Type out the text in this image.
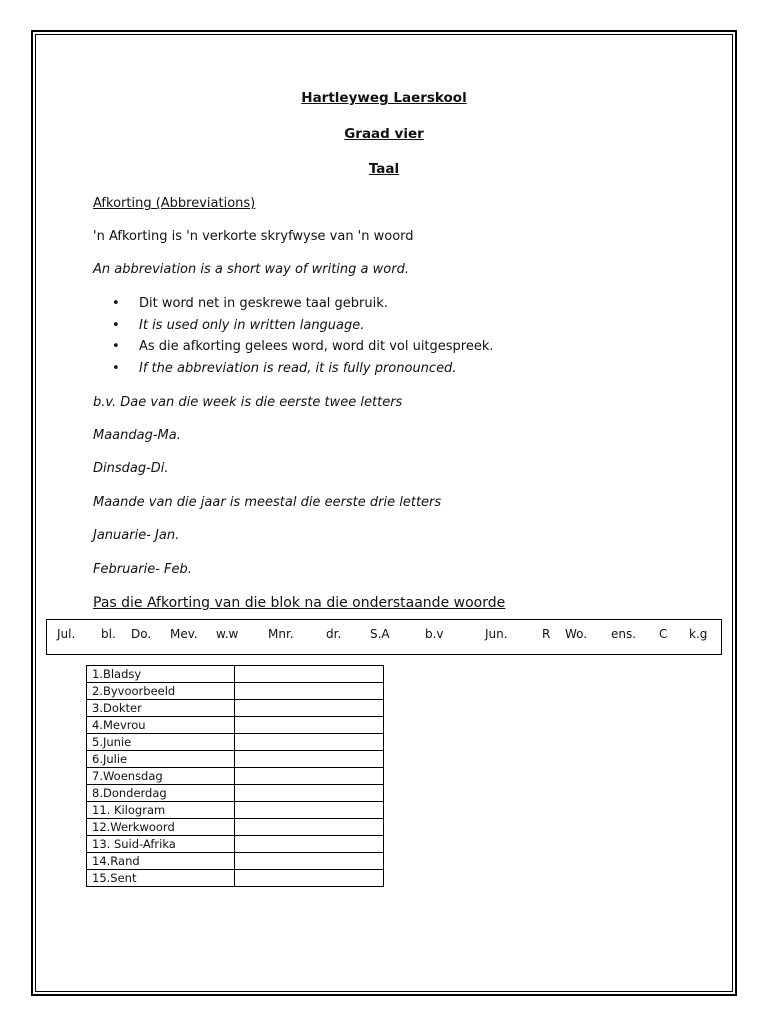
Hartleyweg Laerskool
Graad vier
Taal
Afkorting (Abbreviations)
'n Afkorting is 'n verkorte skryfwyse van 'n woord
An abbreviation is a short way of writing a word.
• Dit word net in geskrewe taal gebruik.
• It is used only in written language.
• As die afkorting gelees word, word dit vol uitgespreek.
• If the abbreviation is read, it is fully pronounced.
b.v. Dae van die week is die eerste twee letters
Maandag-Ma.
Dinsdag-Di.
Maande van die jaar is meestal die eerste drie letters
Januarie- Jan.
Februarie- Feb.
Pas die Afkorting van die blok na die onderstaande woorde
Jul. bl. Do. Mev. w.w Mnr.	dr. S.A	b.v	Jun.	R Wo. ens. C k.g
1.Bladsy	
2.Byvoorbeeld	
3.Dokter	
4.Mevrou	
5.Junie	
6.Julie	
7.Woensdag	
8.Donderdag	
11. Kilogram	
12.Werkwoord	
13. Suid-Afrika	
14.Rand	
15.Sent	
